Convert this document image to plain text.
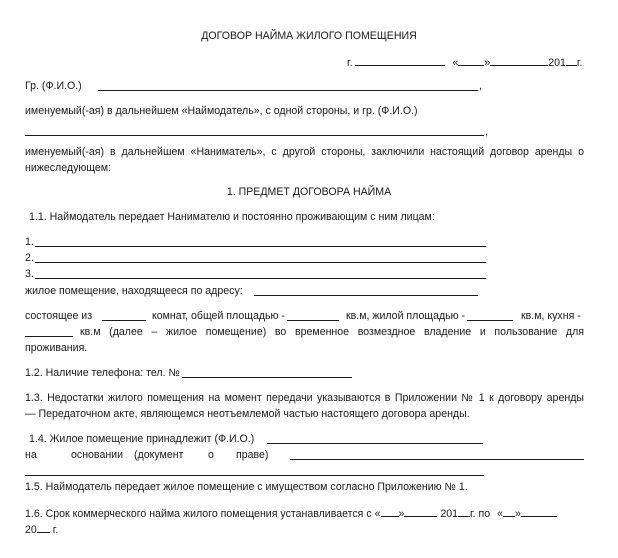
ДОГОВОР НАЙМА ЖИЛОГО ПОМЕЩЕНИЯ
г.	« »	201 г.
Гр. (Ф.И.О.)	,
именуемый(-ая) в дальнейшем «Наймодатель», с одной стороны, и гр. (Ф.И.О.)
,
именуемый(-ая) в дальнейшем «Наниматель», с другой стороны, заключили настоящий договор аренды о
нижеследующем:
1. ПРЕДМЕТ ДОГОВОРА НАЙМА
1.1. Наймодатель передает Нанимателю и постоянно проживающим с ним лицам:
1.
2.
3.
жилое помещение, находящееся по адресу:
состоящее из	комнат, общей площадью -	кв.м, жилой площадью -	кв.м, кухня -
кв.м (далее – жилое помещение) во временное возмездное владение и пользование для
проживания.
1.2. Наличие телефона: тел. №
1.3. Недостатки жилого помещения на момент передачи указываются в Приложении № 1 к договору аренды
— Передаточном акте, являющемся неотъемлемой частью настоящего договора аренды.
1.4. Жилое помещение принадлежит (Ф.И.О.)
на	основании (документ о праве)
1.5. Наймодатель передает жилое помещение с имуществом согласно Приложению № 1.
1.6. Срок коммерческого найма жилого помещения устанавливается с « »	201 г. по « »
20 г.
